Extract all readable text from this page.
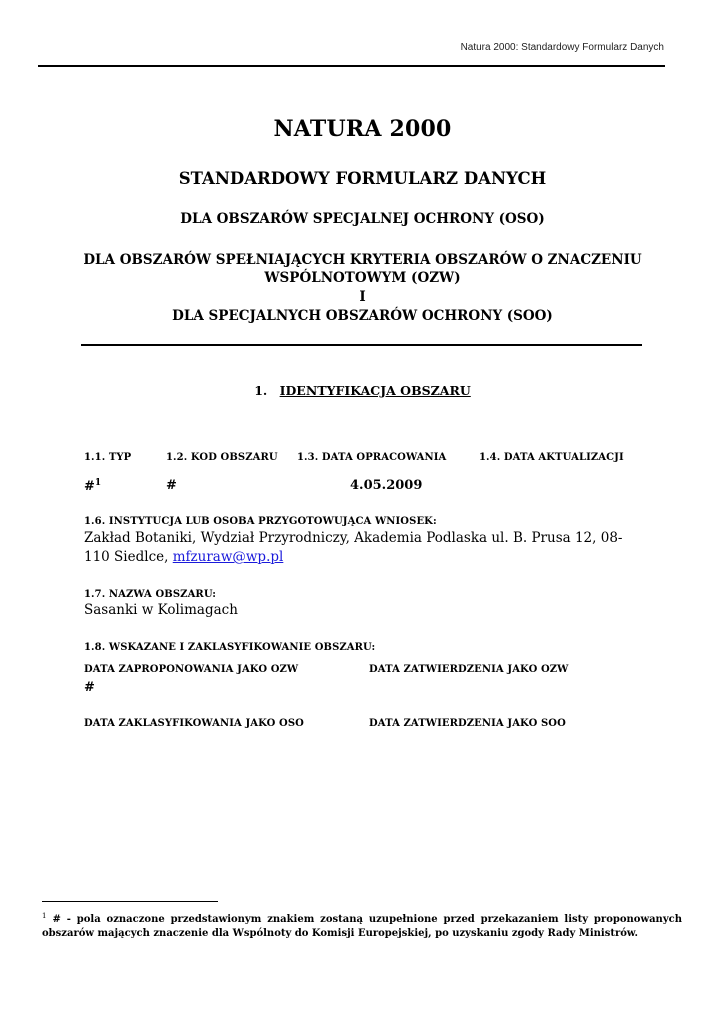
Natura 2000: Standardowy Formularz Danych
NATURA 2000
STANDARDOWY FORMULARZ DANYCH
DLA OBSZARÓW SPECJALNEJ OCHRONY (OSO)
DLA OBSZARÓW SPEŁNIAJĄCYCH KRYTERIA OBSZARÓW O ZNACZENIU
WSPÓLNOTOWYM (OZW)
I
DLA SPECJALNYCH OBSZARÓW OCHRONY (SOO)
1. IDENTYFIKACJA OBSZARU
1.1. TYP	1.2. KOD OBSZARU 1.3. DATA OPRACOWANIA	1.4. DATA AKTUALIZACJI
#$^1$	#	4.05.2009
1.6. INSTYTUCJA LUB OSOBA PRZYGOTOWUJĄCA WNIOSEK:
Zakład Botaniki, Wydział Przyrodniczy, Akademia Podlaska ul. B. Prusa 12, 08-110 Siedlce, mfzuraw@wp.pl
1.7. NAZWA OBSZARU:
Sasanki w Kolimagach
1.8. WSKAZANE I ZAKLASYFIKOWANIE OBSZARU:
DATA ZAPROPONOWANIA JAKO OZW	DATA ZATWIERDZENIA JAKO OZW
#
DATA ZAKLASYFIKOWANIA JAKO OSO	DATA ZATWIERDZENIA JAKO SOO
$^1$ # - pola oznaczone przedstawionym znakiem zostaną uzupełnione przed przekazaniem listy proponowanych obszarów mających znaczenie dla Wspólnoty do Komisji Europejskiej, po uzyskaniu zgody Rady Ministrów.
